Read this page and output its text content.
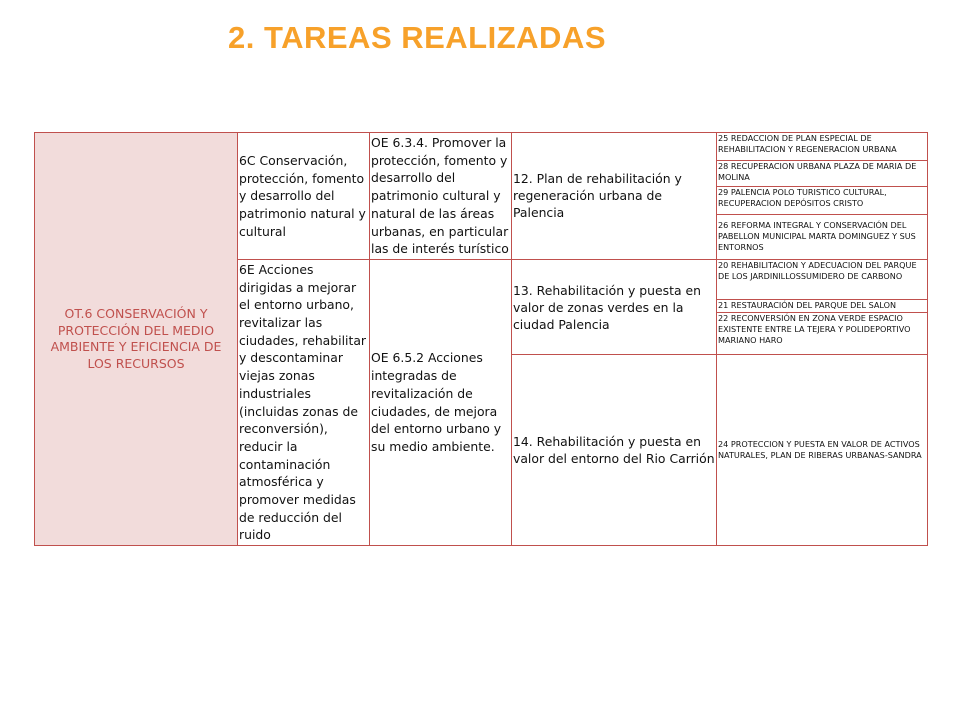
2. TAREAS REALIZADAS
OT.6 CONSERVACIÓN Y PROTECCIÓN DEL MEDIO AMBIENTE Y EFICIENCIA DE LOS RECURSOS	6C Conservación, protección, fomento y desarrollo del patrimonio natural y cultural	OE 6.3.4. Promover la protección, fomento y desarrollo del patrimonio cultural y natural de las áreas urbanas, en particular las de interés turístico	12. Plan de rehabilitación y regeneración urbana de Palencia	25 REDACCION DE PLAN ESPECIAL DE REHABILITACION Y REGENERACION URBANA
				28 RECUPERACION URBANA PLAZA DE MARIA DE MOLINA
				29 PALENCIA POLO TURISTICO CULTURAL, RECUPERACION DEPÓSITOS CRISTO
				26 REFORMA INTEGRAL Y CONSERVACIÓN DEL PABELLON MUNICIPAL MARTA DOMINGUEZ Y SUS ENTORNOS
	6E Acciones dirigidas a mejorar el entorno urbano, revitalizar las ciudades, rehabilitar y descontaminar viejas zonas industriales (incluidas zonas de reconversión), reducir la contaminación atmosférica y promover medidas de reducción del ruido	OE 6.5.2 Acciones integradas de revitalización de ciudades, de mejora del entorno urbano y su medio ambiente.	13. Rehabilitación y puesta en valor de zonas verdes en la ciudad Palencia	20 REHABILITACION Y ADECUACION DEL PARQUE DE LOS JARDINILLOSSUMIDERO DE CARBONO
				21 RESTAURACIÓN DEL PARQUE DEL SALON
				22 RECONVERSIÓN EN ZONA VERDE ESPACIO EXISTENTE ENTRE LA TEJERA Y POLIDEPORTIVO MARIANO HARO
			14. Rehabilitación y puesta en valor del entorno del Rio Carrión	24 PROTECCION Y PUESTA EN VALOR DE ACTIVOS NATURALES, PLAN DE RIBERAS URBANAS-SANDRA
